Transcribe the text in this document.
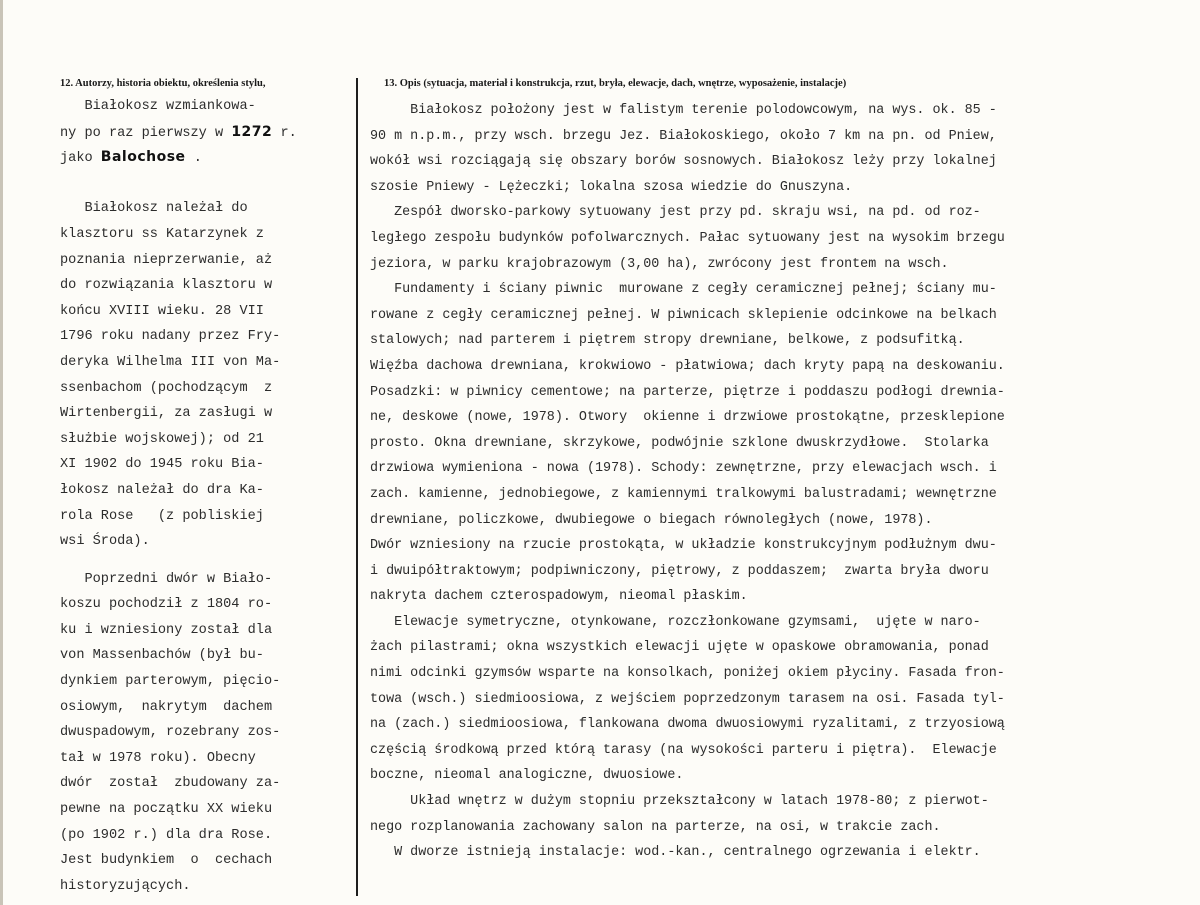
12. Autorzy, historia obiektu, określenia stylu,	13. Opis (sytuacja, materiał i konstrukcja, rzut, bryła, elewacje, dach, wnętrze, wyposażenie, instalacje)
Białokosz wzmiankowa-
ny po raz pierwszy w 1272 r.
jako Balochose .
Białokosz należał do
klasztoru ss Katarzynek z
poznania nieprzerwanie, aż
do rozwiązania klasztoru w
końcu XVIII wieku. 28 VII
1796 roku nadany przez Fry-
deryka Wilhelma III von Ma-
ssenbachom (pochodzącym  z
Wirtenbergii, za zasługi w
służbie wojskowej); od 21
XI 1902 do 1945 roku Bia-
łokosz należał do dra Ka-
rola Rose   (z pobliskiej
wsi Środa).
Poprzedni dwór w Biało-
koszu pochodził z 1804 ro-
ku i wzniesiony został dla
von Massenbachów (był bu-
dynkiem parterowym, pięcio-
osiowym,  nakrytym  dachem
dwuspadowym, rozebrany zos-
tał w 1978 roku). Obecny
dwór  został  zbudowany za-
pewne na początku XX wieku
(po 1902 r.) dla dra Rose.
Jest budynkiem  o  cechach
historyzujących.
Białokosz położony jest w falistym terenie polodowcowym, na wys. ok. 85 -
90 m n.p.m., przy wsch. brzegu Jez. Białokoskiego, około 7 km na pn. od Pniew,
wokół wsi rozciągają się obszary borów sosnowych. Białokosz leży przy lokalnej
szosie Pniewy - Lężeczki; lokalna szosa wiedzie do Gnuszyna.
Zespół dworsko-parkowy sytuowany jest przy pd. skraju wsi, na pd. od roz-
ległego zespołu budynków pofolwarcznych. Pałac sytuowany jest na wysokim brzegu
jeziora, w parku krajobrazowym (3,00 ha), zwrócony jest frontem na wsch.
Fundamenty i ściany piwnic  murowane z cegły ceramicznej pełnej; ściany mu-
rowane z cegły ceramicznej pełnej. W piwnicach sklepienie odcinkowe na belkach
stalowych; nad parterem i piętrem stropy drewniane, belkowe, z podsufitką.
Więźba dachowa drewniana, krokwiowo - płatwiowa; dach kryty papą na deskowaniu.
Posadzki: w piwnicy cementowe; na parterze, piętrze i poddaszu podłogi drewnia-
ne, deskowe (nowe, 1978). Otwory  okienne i drzwiowe prostokątne, przesklepione
prosto. Okna drewniane, skrzykowe, podwójnie szklone dwuskrzydłowe.  Stolarka
drzwiowa wymieniona - nowa (1978). Schody: zewnętrzne, przy elewacjach wsch. i
zach. kamienne, jednobiegowe, z kamiennymi tralkowymi balustradami; wewnętrzne
drewniane, policzkowe, dwubiegowe o biegach równoległych (nowe, 1978).
Dwór wzniesiony na rzucie prostokąta, w układzie konstrukcyjnym podłużnym dwu-
i dwuipółtraktowym; podpiwniczony, piętrowy, z poddaszem;  zwarta bryła dworu
nakryta dachem czterospadowym, nieomal płaskim.
Elewacje symetryczne, otynkowane, rozczłonkowane gzymsami,  ujęte w naro-
żach pilastrami; okna wszystkich elewacji ujęte w opaskowe obramowania, ponad
nimi odcinki gzymsów wsparte na konsolkach, poniżej okiem płyciny. Fasada fron-
towa (wsch.) siedmioosiowa, z wejściem poprzedzonym tarasem na osi. Fasada tyl-
na (zach.) siedmioosiowa, flankowana dwoma dwuosiowymi ryzalitami, z trzyosiową
częścią środkową przed którą tarasy (na wysokości parteru i piętra).  Elewacje
boczne, nieomal analogiczne, dwuosiowe.
Układ wnętrz w dużym stopniu przekształcony w latach 1978-80; z pierwot-
nego rozplanowania zachowany salon na parterze, na osi, w trakcie zach.
W dworze istnieją instalacje: wod.-kan., centralnego ogrzewania i elektr.
